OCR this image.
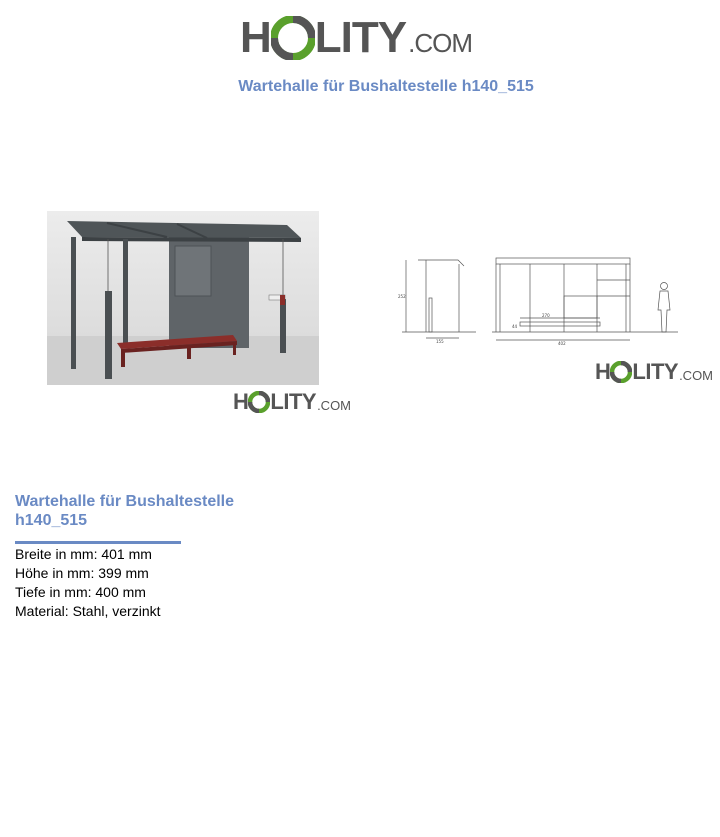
H LITY .COM
Wartehalle für Bushaltestelle h140_515
252
155	402
270
44
H LITY .COM
H LITY .COM
Wartehalle für Bushaltestelle
h140_515
Breite in mm: 401 mm
Höhe in mm: 399 mm
Tiefe in mm: 400 mm
Material: Stahl, verzinkt
